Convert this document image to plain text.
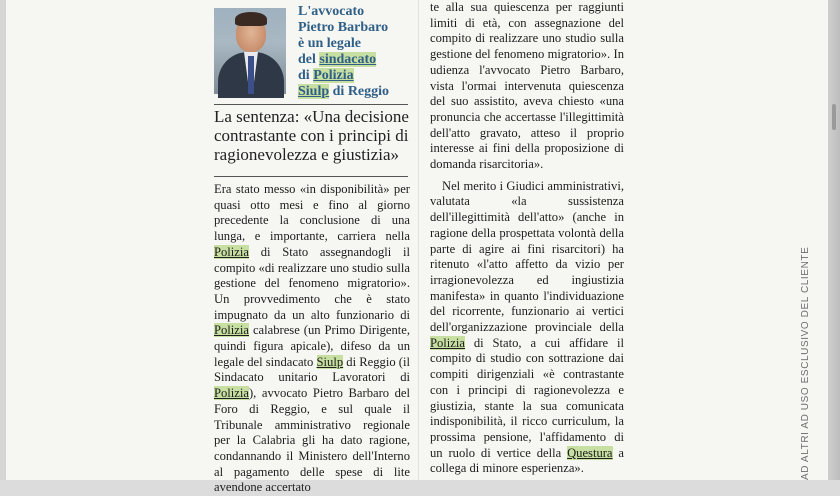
L'avvocato
Pietro Barbaro
è un legale
del sindacato
di Polizia
Siulp di Reggio
La sentenza: «Una decisione contrastante con i principi di ragionevolezza e giustizia»

Era stato messo «in disponibilità» per quasi otto mesi e fino al giorno precedente la conclusione di una lunga, e importante, carriera nella Polizia di Stato assegnandogli il compito «di realizzare uno studio sulla gestione del fenomeno migratorio». Un provvedimento che è stato impugnato da un alto funzionario di Polizia calabrese (un Primo Dirigente, quindi figura apicale), difeso da un legale del sindacato Siulp di Reggio (il Sindacato unitario Lavoratori di Polizia), avvocato Pietro Barbaro del Foro di Reggio, e sul quale il Tribunale amministrativo regionale per la Calabria gli ha dato ragione, condannando il Ministero dell'Interno al pagamento delle spese di lite avendone accertato

te alla sua quiescenza per raggiunti limiti di età, con assegnazione del compito di realizzare uno studio sulla gestione del fenomeno migratorio». In udienza l'avvocato Pietro Barbaro, vista l'ormai intervenuta quiescenza del suo assistito, aveva chiesto «una pronuncia che accertasse l'illegittimità dell'atto gravato, atteso il proprio interesse ai fini della proposizione di domanda risarcitoria».

Nel merito i Giudici amministrativi, valutata «la sussistenza dell'illegittimità dell'atto» (anche in ragione della prospettata volontà della parte di agire ai fini risarcitori) ha ritenuto «l'atto affetto da vizio per irragionevolezza ed ingiustizia manifesta» in quanto l'individuazione del ricorrente, funzionario ai vertici dell'organizzazione provinciale della Polizia di Stato, a cui affidare il compito di studio con sottrazione dai compiti dirigenziali «è contrastante con i principi di ragionevolezza e giustizia, stante la sua comunicata indisponibilità, il ricco curriculum, la prossima pensione, l'affidamento di un ruolo di vertice della Questura a collega di minore esperienza».	AD ALTRI AD USO ESCLUSIVO DEL CLIENTE
